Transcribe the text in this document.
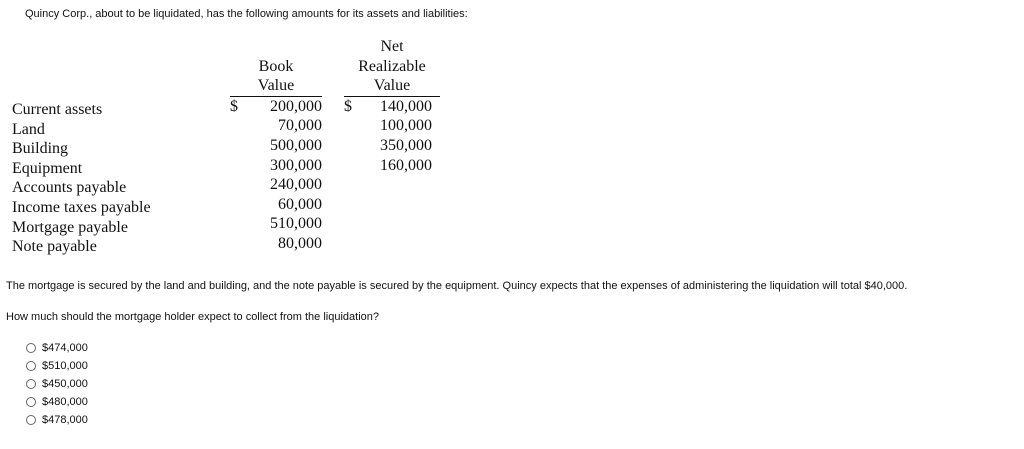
Quincy Corp., about to be liquidated, has the following amounts for its assets and liabilities:
Current assets
Land
Building
Equipment
Accounts payable
Income taxes payable
Mortgage payable
Note payable
Book
Value
$ 200,000
70,000
500,000
300,000
240,000
60,000
510,000
80,000
Net
Realizable
Value
$ 140,000
100,000
350,000
160,000
The mortgage is secured by the land and building, and the note payable is secured by the equipment. Quincy expects that the expenses of administering the liquidation will total $40,000.
How much should the mortgage holder expect to collect from the liquidation?
$474,000
$510,000
$450,000
$480,000
$478,000
